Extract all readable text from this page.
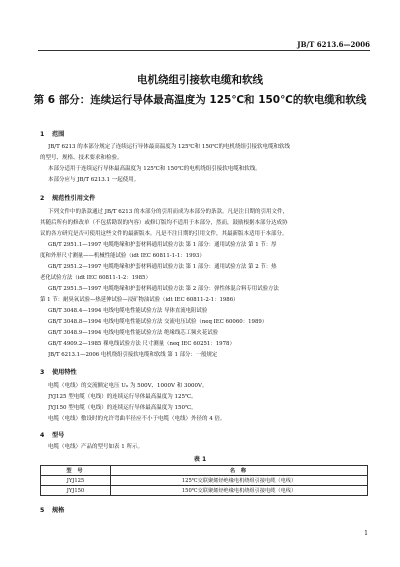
JB/T 6213.6—2006
电机绕组引接软电缆和软线
第 6 部分：连续运行导体最高温度为 125℃和 150℃的软电缆和软线
1 范围
JB/T 6213 的本部分规定了连续运行导体最高温度为 125℃和 150℃的电机绕组引接软电缆和软线
的型号、规格、技术要求和检验。
本部分适用于连续运行导体最高温度为 125℃和 150℃的电机绕组引接软电缆和软线。
本部分应与 JB/T 6213.1 一起使用。
2 规范性引用文件
下列文件中的条款通过 JB/T 6213 的本部分的引用而成为本部分的条款。凡是注日期的引用文件，
其随后所有的修改单（不包括勘误的内容）或修订版均不适用于本部分，然而，鼓励根据本部分达成协
议的各方研究是否可使用这些文件的最新版本。凡是不注日期的引用文件，其最新版本适用于本部分。
GB/T 2951.1—1997 电缆绝缘和护套材料通用试验方法 第 1 部分：通用试验方法 第 1 节：厚
度和外形尺寸测量——机械性能试验（idt IEC 60811-1-1：1993）
GB/T 2951.2—1997 电缆绝缘和护套材料通用试验方法 第 1 部分：通用试验方法 第 2 节：热
老化试验方法（idt IEC 60811-1-2：1985）
GB/T 2951.5—1997 电缆绝缘和护套材料通用试验方法 第 2 部分：弹性体混合料专用试验方法
第 1 节：耐臭氧试验—热延伸试验—浸矿物油试验（idt IEC 60811-2-1：1986）
GB/T 3048.4—1994 电线电缆电性能试验方法 导体直流电阻试验
GB/T 3048.8—1994 电线电缆电性能试验方法 交流电压试验（neq IEC 60060：1989）
GB/T 3048.9—1994 电线电缆电性能试验方法 绝缘线芯工频火花试验
GB/T 4909.2—1985 裸电线试验方法 尺寸测量（neq IEC 60251：1978）
JB/T 6213.1—2006 电机绕组引接软电缆和软线 第 1 部分：一般规定
3 使用特性
电缆（电线）的交流额定电压 U₀ 为 500V、1000V 和 3000V。
JYJ125 型电缆（电线）的连续运行导体最高温度为 125℃。
JYJ150 型电缆（电线）的连续运行导体最高温度为 150℃。
电缆（电线）敷设时的允许弯曲半径应不小于电缆（电线）外径的 4 倍。
4 型号
电缆（电线）产品的型号如表 1 所示。
表 1
型 号	名 称
JYJ125	125℃交联聚烯烃绝缘电机绕组引接电缆（电线）
JYJ150	150℃交联聚烯烃绝缘电机绕组引接电缆（电线）
5 规格
1
